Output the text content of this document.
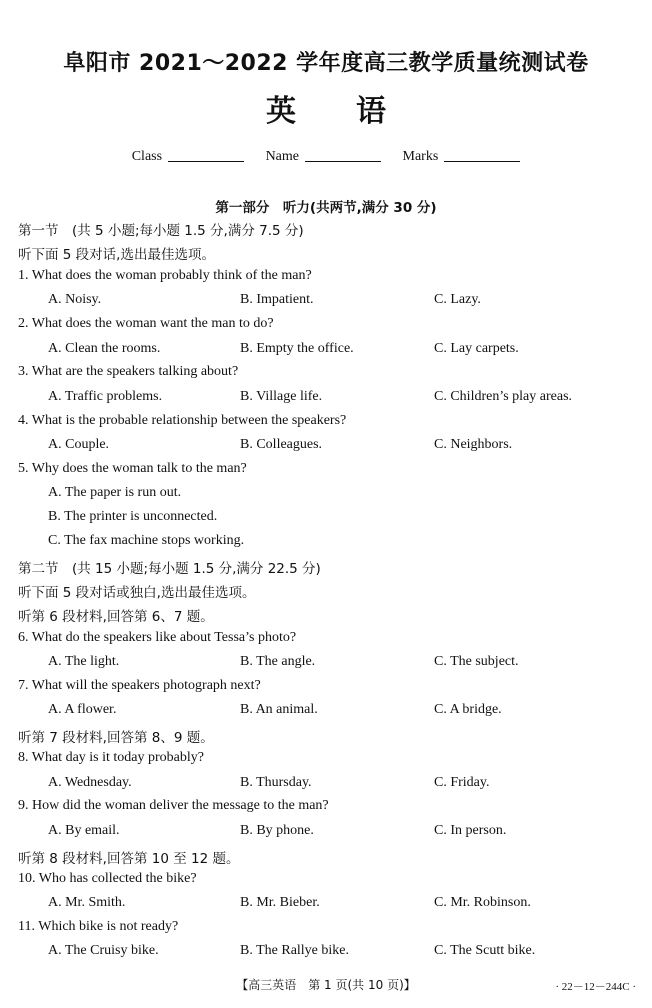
阜阳市 2021～2022 学年度高三教学质量统测试卷
英语
Class	Name	Marks
第一部分　听力(共两节,满分 30 分)
第一节　(共 5 小题;每小题 1.5 分,满分 7.5 分)
听下面 5 段对话,选出最佳选项。
1. What does the woman probably think of the man?
A. Noisy.	B. Impatient.	C. Lazy.
2. What does the woman want the man to do?
A. Clean the rooms.	B. Empty the office.	C. Lay carpets.
3. What are the speakers talking about?
A. Traffic problems.	B. Village life.	C. Children’s play areas.
4. What is the probable relationship between the speakers?
A. Couple.	B. Colleagues.	C. Neighbors.
5. Why does the woman talk to the man?
A. The paper is run out.
B. The printer is unconnected.
C. The fax machine stops working.
第二节　(共 15 小题;每小题 1.5 分,满分 22.5 分)
听下面 5 段对话或独白,选出最佳选项。
听第 6 段材料,回答第 6、7 题。
6. What do the speakers like about Tessa’s photo?
A. The light.	B. The angle.	C. The subject.
7. What will the speakers photograph next?
A. A flower.	B. An animal.	C. A bridge.
听第 7 段材料,回答第 8、9 题。
8. What day is it today probably?
A. Wednesday.	B. Thursday.	C. Friday.
9. How did the woman deliver the message to the man?
A. By email.	B. By phone.	C. In person.
听第 8 段材料,回答第 10 至 12 题。
10. Who has collected the bike?
A. Mr. Smith.	B. Mr. Bieber.	C. Mr. Robinson.
11. Which bike is not ready?
A. The Cruisy bike.	B. The Rallye bike.	C. The Scutt bike.
【高三英语　第 1 页(共 10 页)】	· 22－12－244C ·
